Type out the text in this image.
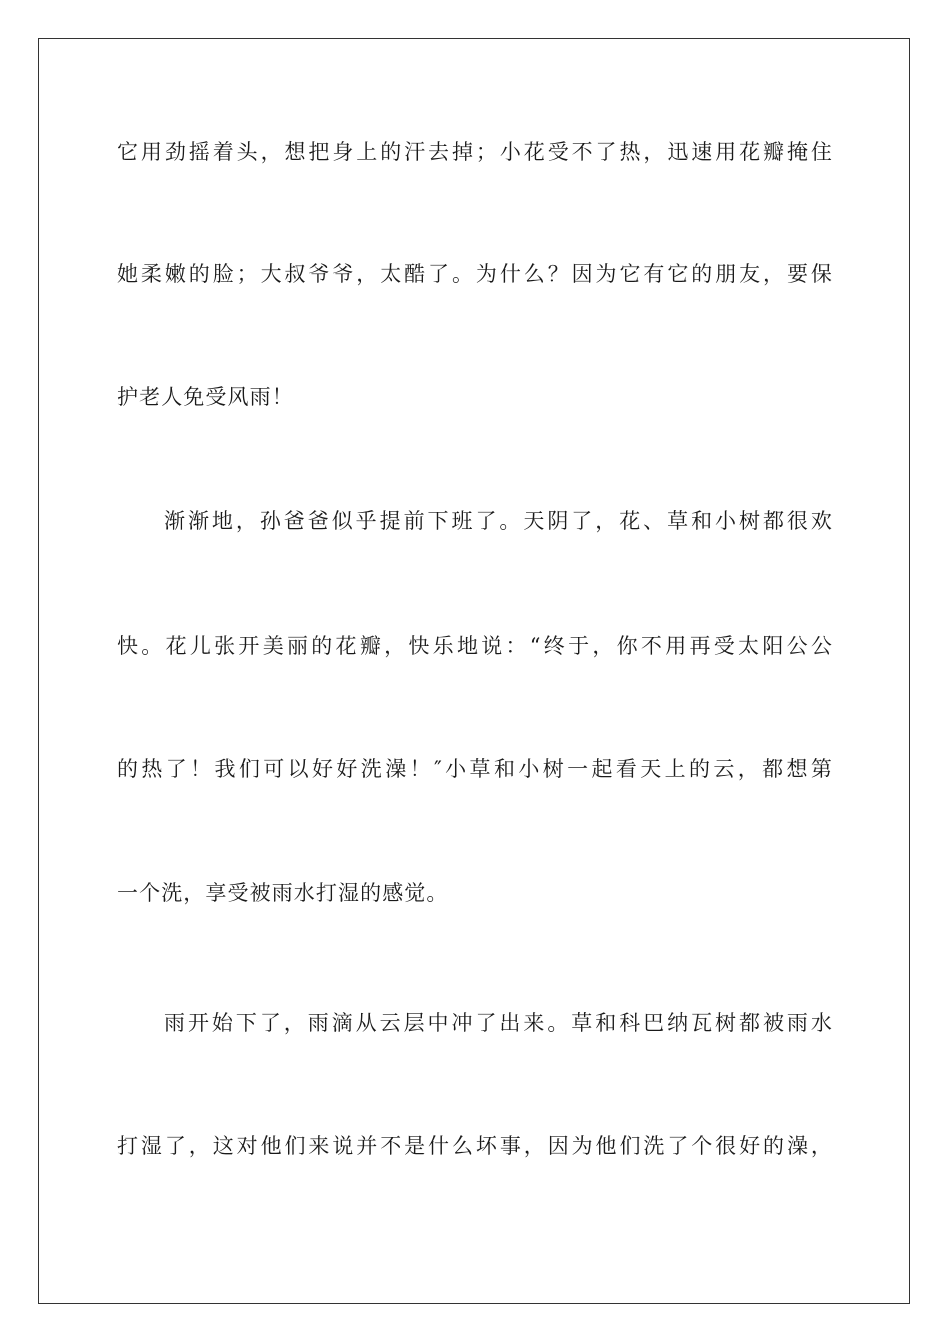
它用劲摇着头，想把身上的汗去掉；小花受不了热，迅速用花瓣掩住
她柔嫩的脸；大叔爷爷，太酷了。为什么？因为它有它的朋友，要保
护老人免受风雨！
渐渐地，孙爸爸似乎提前下班了。天阴了，花、草和小树都很欢
快。花儿张开美丽的花瓣，快乐地说：“终于，你不用再受太阳公公
的热了！我们可以好好洗澡！″小草和小树一起看天上的云，都想第
一个洗，享受被雨水打湿的感觉。
雨开始下了，雨滴从云层中冲了出来。草和科巴纳瓦树都被雨水
打湿了，这对他们来说并不是什么坏事，因为他们洗了个很好的澡，
